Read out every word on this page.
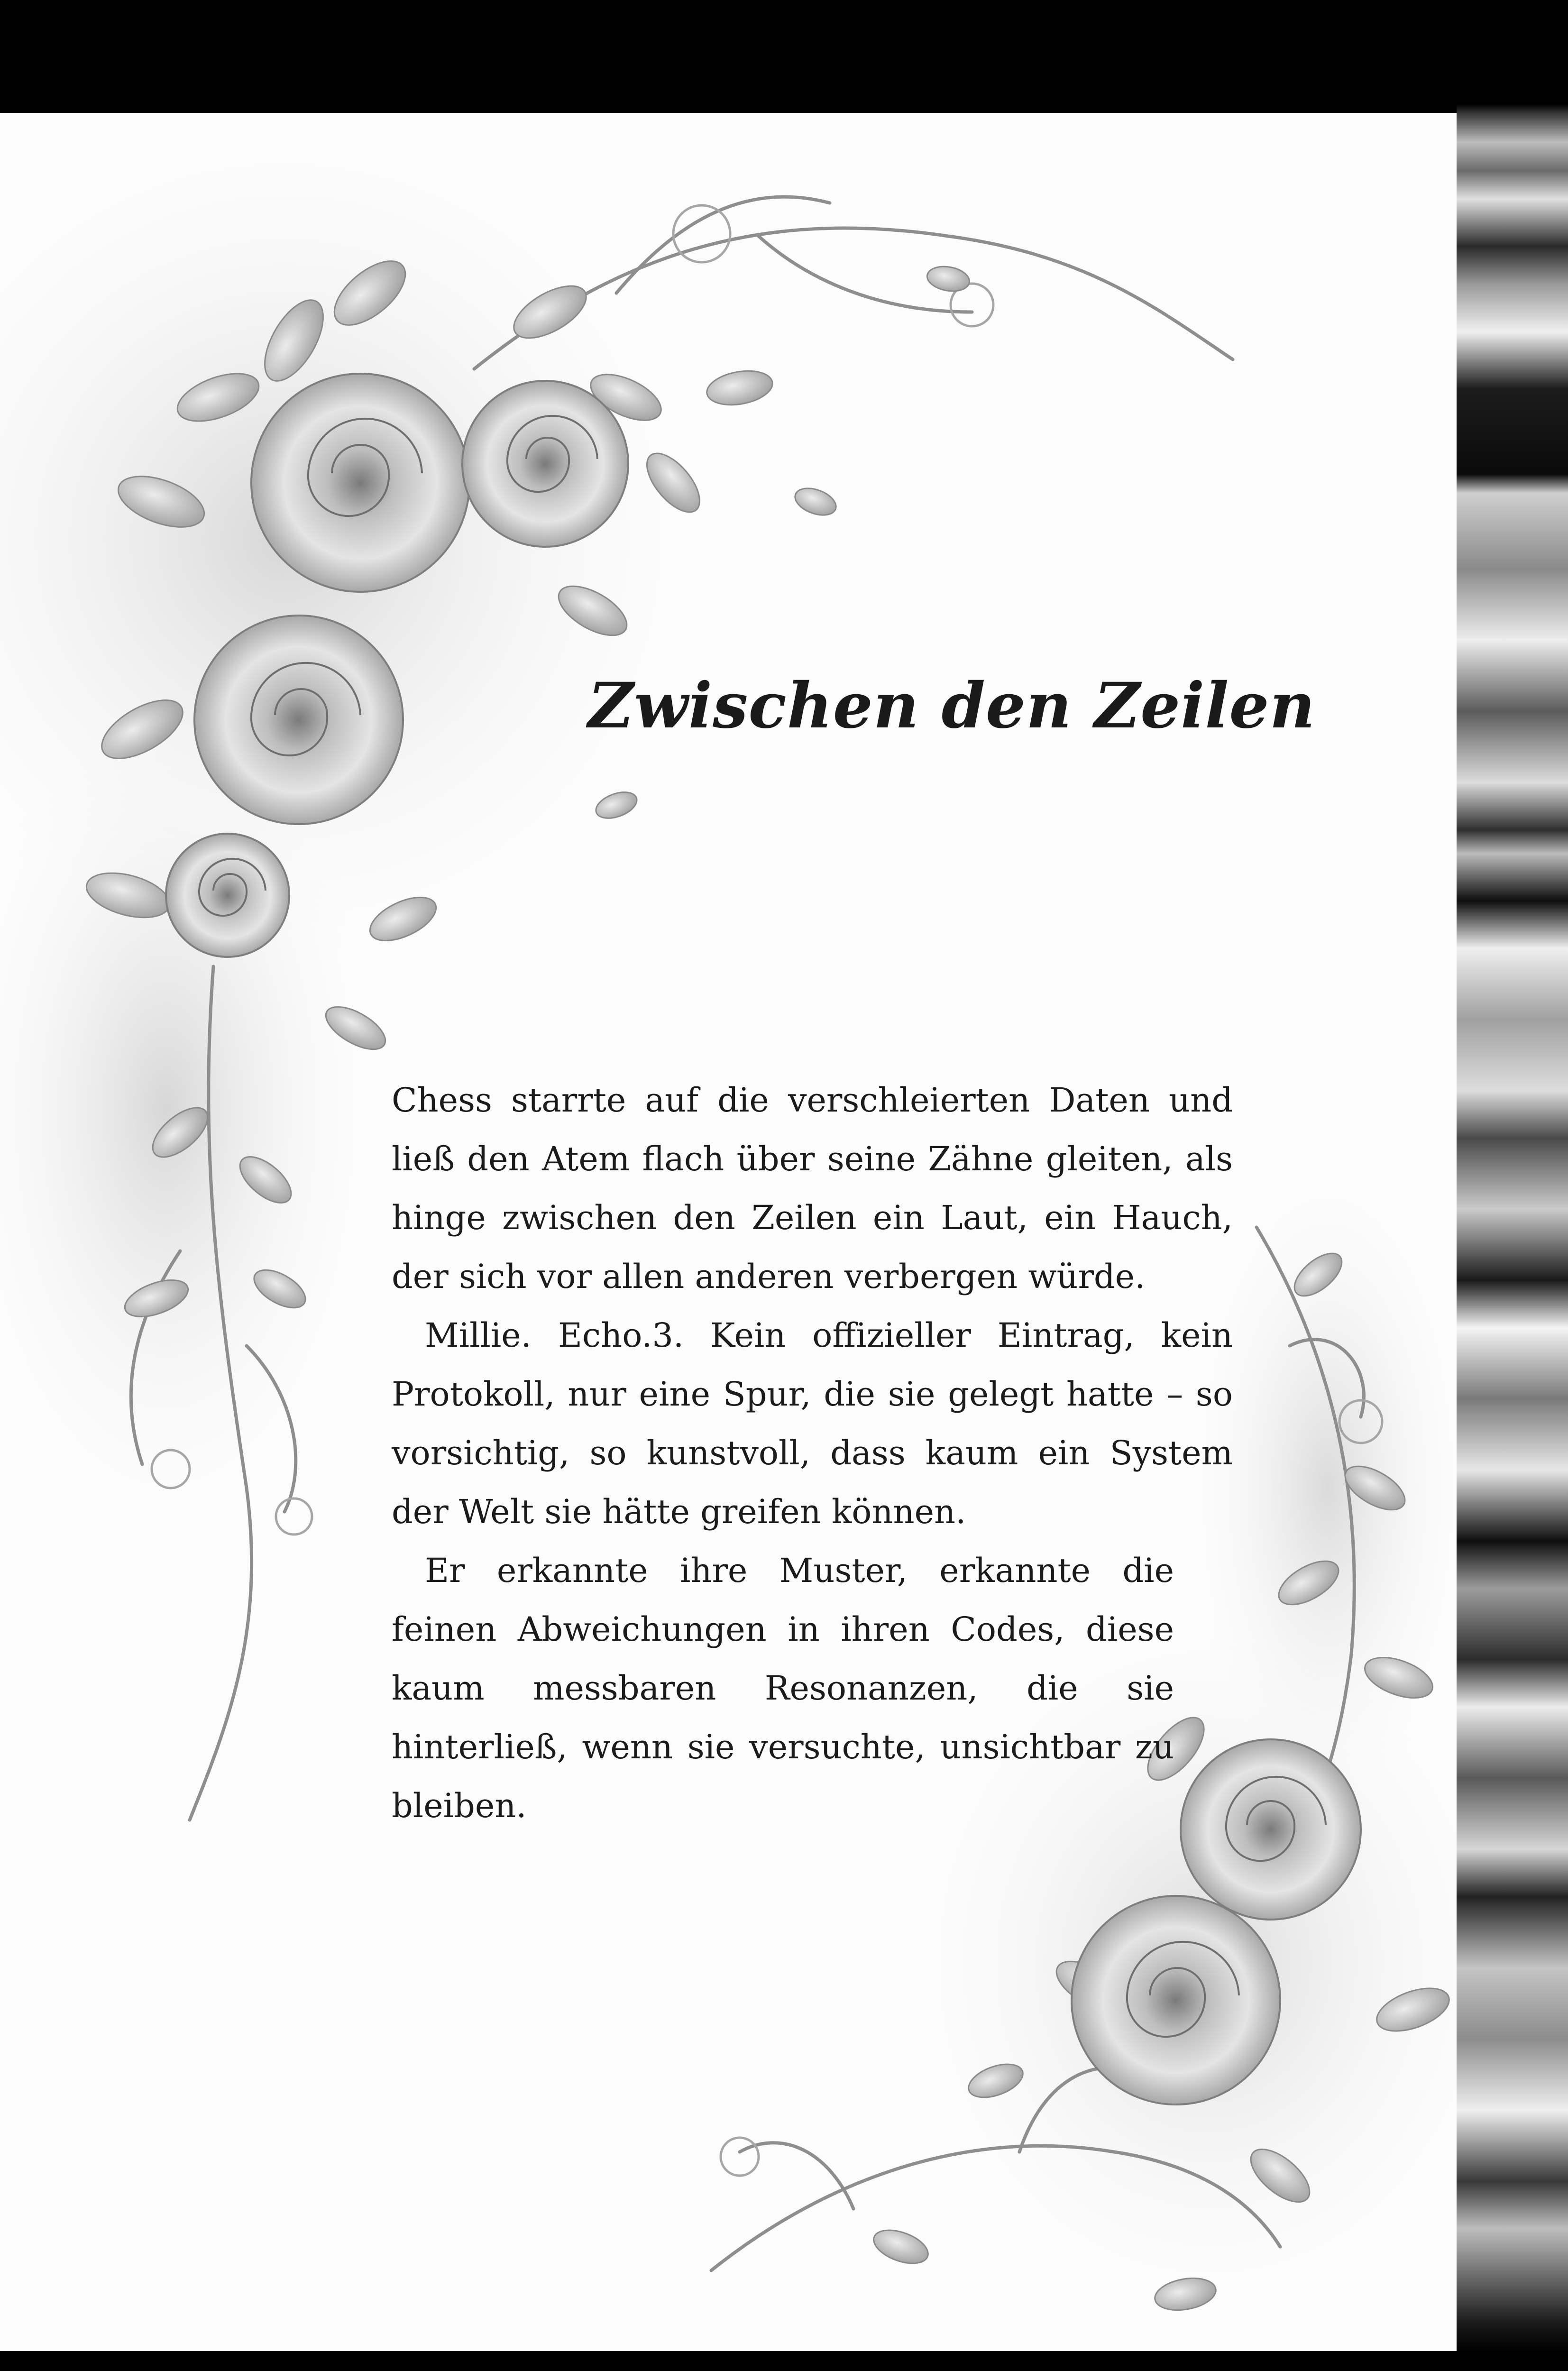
Zwischen den Zeilen

Chess starrte auf die verschleierten Daten und ließ den Atem flach über seine Zähne gleiten, als hinge zwischen den Zeilen ein Laut, ein Hauch, der sich vor allen anderen verbergen würde.

Millie. Echo.3. Kein offizieller Eintrag, kein Protokoll, nur eine Spur, die sie gelegt hatte – so vorsichtig, so kunstvoll, dass kaum ein System der Welt sie hätte greifen können.

Er erkannte ihre Muster, erkannte die feinen Abweichungen in ihren Codes, diese kaum messbaren Resonanzen, die sie hinterließ, wenn sie versuchte, unsichtbar zu bleiben.
